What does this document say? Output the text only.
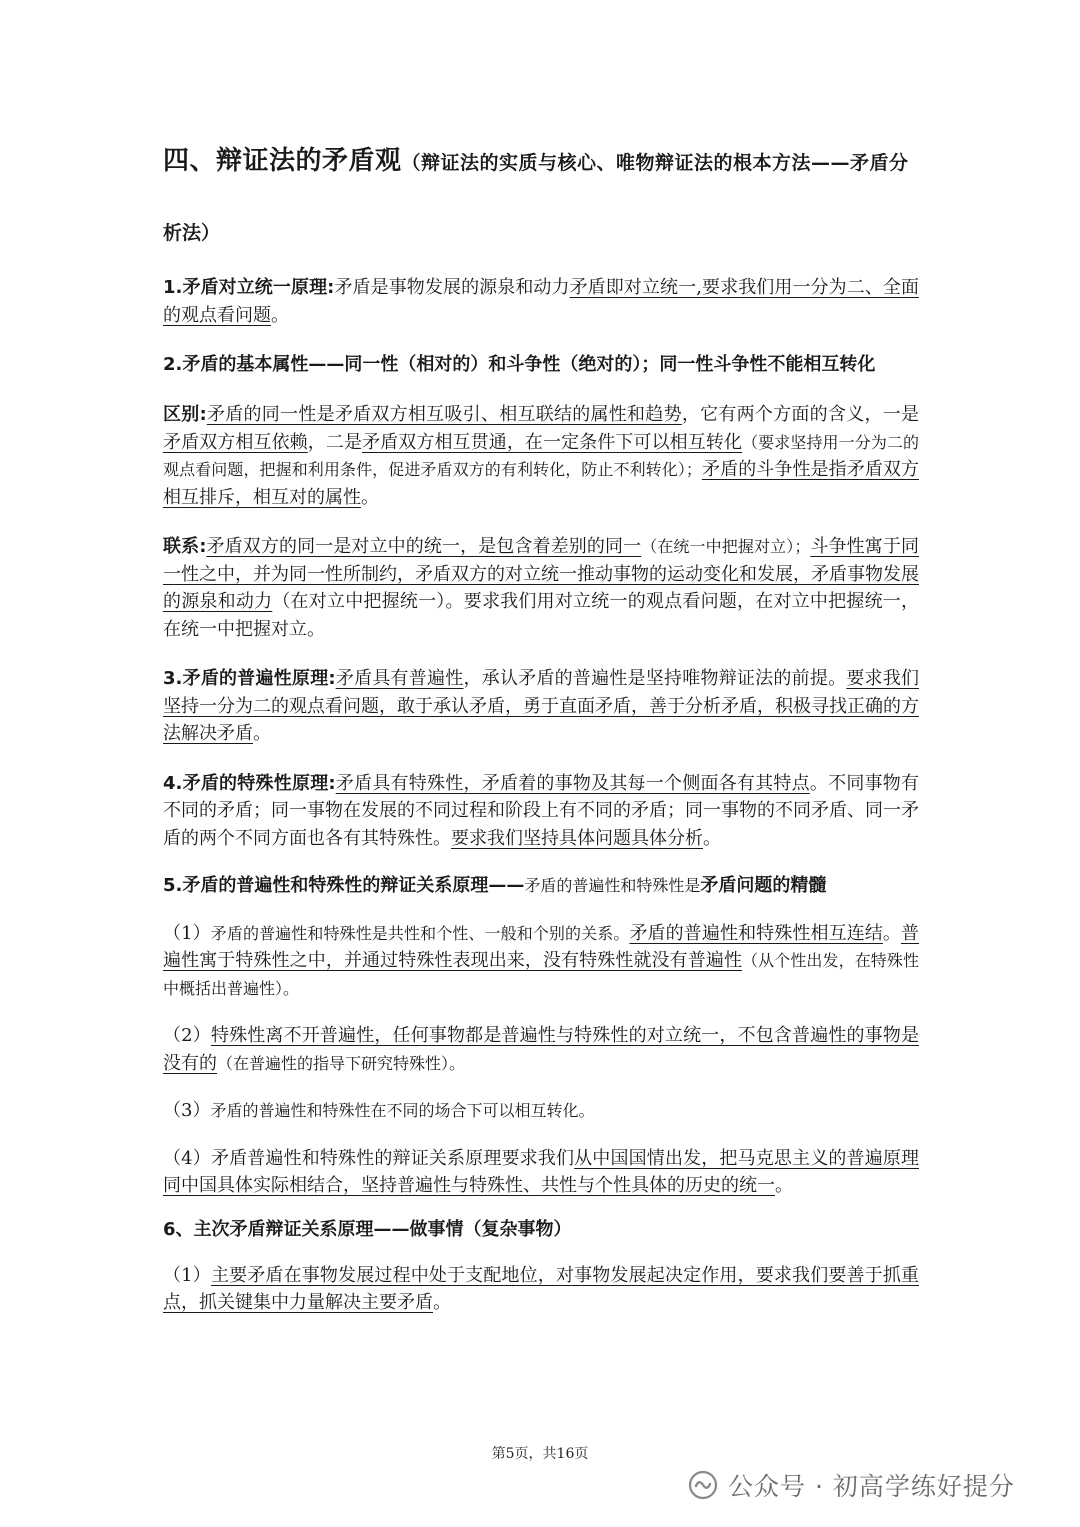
四、辩证法的矛盾观（辩证法的实质与核心、唯物辩证法的根本方法——矛盾分
析法）

1.矛盾对立统一原理:矛盾是事物发展的源泉和动力矛盾即对立统一,要求我们用一分为二、全面的观点看问题。

2.矛盾的基本属性——同一性（相对的）和斗争性（绝对的）；同一性斗争性不能相互转化

区别:矛盾的同一性是矛盾双方相互吸引、相互联结的属性和趋势，它有两个方面的含义，一是矛盾双方相互依赖，二是矛盾双方相互贯通，在一定条件下可以相互转化（要求坚持用一分为二的观点看问题，把握和利用条件，促进矛盾双方的有利转化，防止不利转化）；矛盾的斗争性是指矛盾双方相互排斥，相互对的属性。

联系:矛盾双方的同一是对立中的统一，是包含着差别的同一（在统一中把握对立）；斗争性寓于同一性之中，并为同一性所制约，矛盾双方的对立统一推动事物的运动变化和发展，矛盾事物发展的源泉和动力（在对立中把握统一）。要求我们用对立统一的观点看问题，在对立中把握统一，在统一中把握对立。

3.矛盾的普遍性原理:矛盾具有普遍性，承认矛盾的普遍性是坚持唯物辩证法的前提。要求我们坚持一分为二的观点看问题，敢于承认矛盾，勇于直面矛盾，善于分析矛盾，积极寻找正确的方法解决矛盾。

4.矛盾的特殊性原理:矛盾具有特殊性，矛盾着的事物及其每一个侧面各有其特点。不同事物有不同的矛盾；同一事物在发展的不同过程和阶段上有不同的矛盾；同一事物的不同矛盾、同一矛盾的两个不同方面也各有其特殊性。要求我们坚持具体问题具体分析。

5.矛盾的普遍性和特殊性的辩证关系原理——矛盾的普遍性和特殊性是矛盾问题的精髓

（1）矛盾的普遍性和特殊性是共性和个性、一般和个别的关系。矛盾的普遍性和特殊性相互连结。普遍性寓于特殊性之中，并通过特殊性表现出来，没有特殊性就没有普遍性（从个性出发，在特殊性中概括出普遍性）。

（2）特殊性离不开普遍性，任何事物都是普遍性与特殊性的对立统一，不包含普遍性的事物是没有的（在普遍性的指导下研究特殊性）。

（3）矛盾的普遍性和特殊性在不同的场合下可以相互转化。

（4）矛盾普遍性和特殊性的辩证关系原理要求我们从中国国情出发，把马克思主义的普遍原理同中国具体实际相结合，坚持普遍性与特殊性、共性与个性具体的历史的统一。

6、主次矛盾辩证关系原理——做事情（复杂事物）

（1）主要矛盾在事物发展过程中处于支配地位，对事物发展起决定作用，要求我们要善于抓重点，抓关键集中力量解决主要矛盾。

第5页，共16页
公众号 · 初高学练好提分
